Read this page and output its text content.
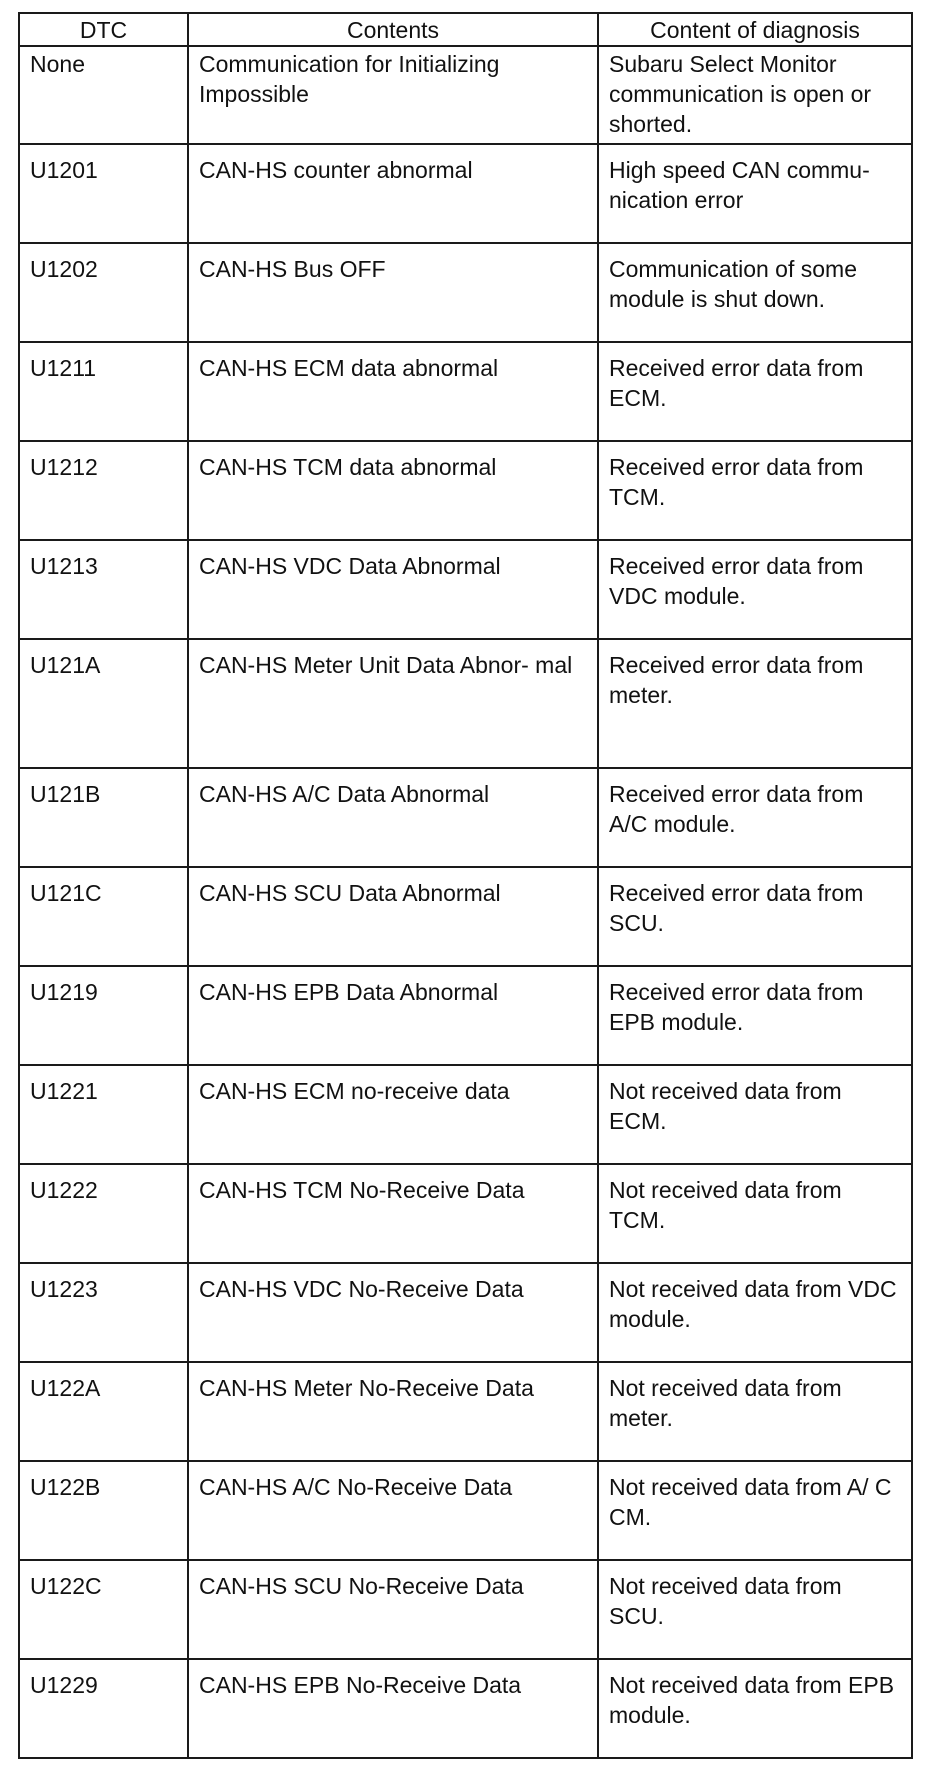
DTC	Contents	Content of diagnosis
None	Communication for Initializing Impossible	Subaru Select Monitor communication is open or shorted.
U1201	CAN-HS counter abnormal	High speed CAN commu- nication error
U1202	CAN-HS Bus OFF	Communication of some module is shut down.
U1211	CAN-HS ECM data abnormal	Received error data from ECM.
U1212	CAN-HS TCM data abnormal	Received error data from TCM.
U1213	CAN-HS VDC Data Abnormal	Received error data from VDC module.
U121A	CAN-HS Meter Unit Data Abnor- mal	Received error data from meter.
U121B	CAN-HS A/C Data Abnormal	Received error data from A/C module.
U121C	CAN-HS SCU Data Abnormal	Received error data from SCU.
U1219	CAN-HS EPB Data Abnormal	Received error data from EPB module.
U1221	CAN-HS ECM no-receive data	Not received data from ECM.
U1222	CAN-HS TCM No-Receive Data	Not received data from TCM.
U1223	CAN-HS VDC No-Receive Data	Not received data from VDC module.
U122A	CAN-HS Meter No-Receive Data	Not received data from meter.
U122B	CAN-HS A/C No-Receive Data	Not received data from A/ C CM.
U122C	CAN-HS SCU No-Receive Data	Not received data from SCU.
U1229	CAN-HS EPB No-Receive Data	Not received data from EPB module.
